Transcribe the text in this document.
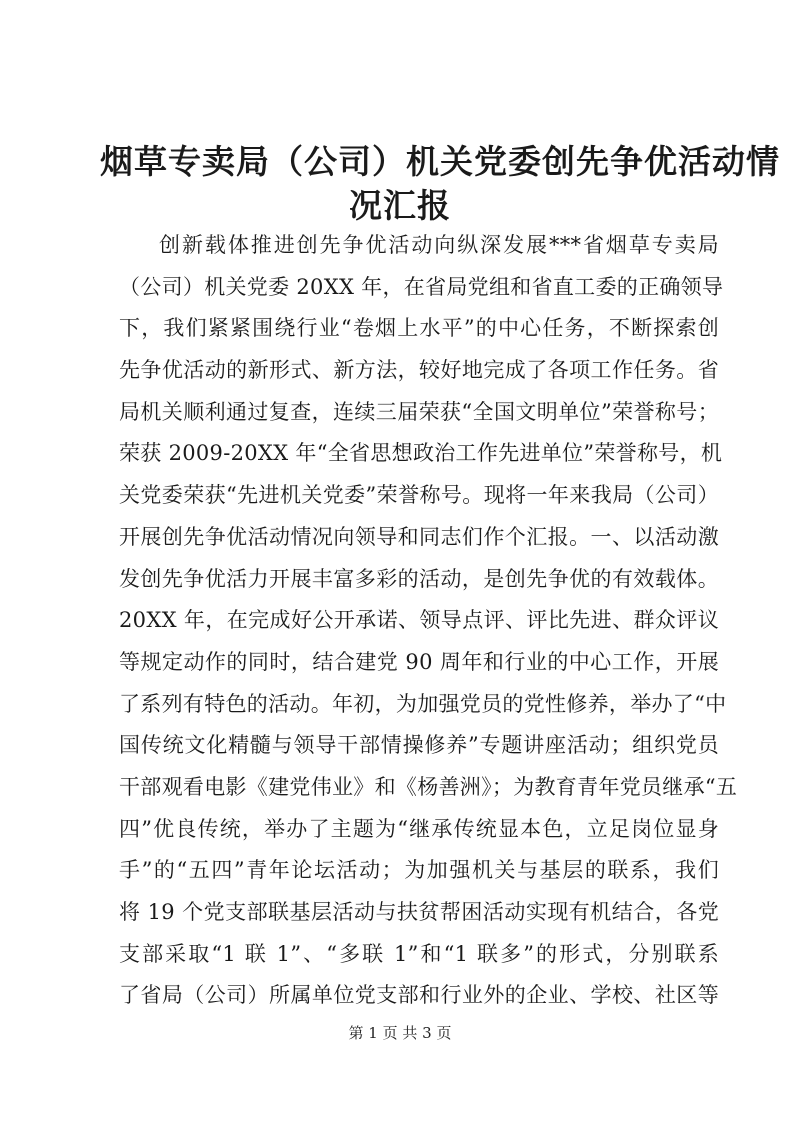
烟草专卖局（公司）机关党委创先争优活动情
况汇报
创新载体推进创先争优活动向纵深发展***省烟草专卖局
（公司）机关党委 20XX 年，在省局党组和省直工委的正确领导
下，我们紧紧围绕行业“卷烟上水平”的中心任务，不断探索创
先争优活动的新形式、新方法，较好地完成了各项工作任务。省
局机关顺利通过复查，连续三届荣获“全国文明单位”荣誉称号；
荣获 2009-20XX 年“全省思想政治工作先进单位”荣誉称号，机
关党委荣获“先进机关党委”荣誉称号。现将一年来我局（公司）
开展创先争优活动情况向领导和同志们作个汇报。一、以活动激
发创先争优活力开展丰富多彩的活动，是创先争优的有效载体。
20XX 年，在完成好公开承诺、领导点评、评比先进、群众评议
等规定动作的同时，结合建党 90 周年和行业的中心工作，开展
了系列有特色的活动。年初，为加强党员的党性修养，举办了“中
国传统文化精髓与领导干部情操修养”专题讲座活动；组织党员
干部观看电影《建党伟业》和《杨善洲》；为教育青年党员继承“五
四”优良传统，举办了主题为“继承传统显本色，立足岗位显身
手”的“五四”青年论坛活动；为加强机关与基层的联系，我们
将 19 个党支部联基层活动与扶贫帮困活动实现有机结合，各党
支部采取“1 联 1”、“多联 1”和“1 联多”的形式，分别联系
了省局（公司）所属单位党支部和行业外的企业、学校、社区等
第 1 页 共 3 页
